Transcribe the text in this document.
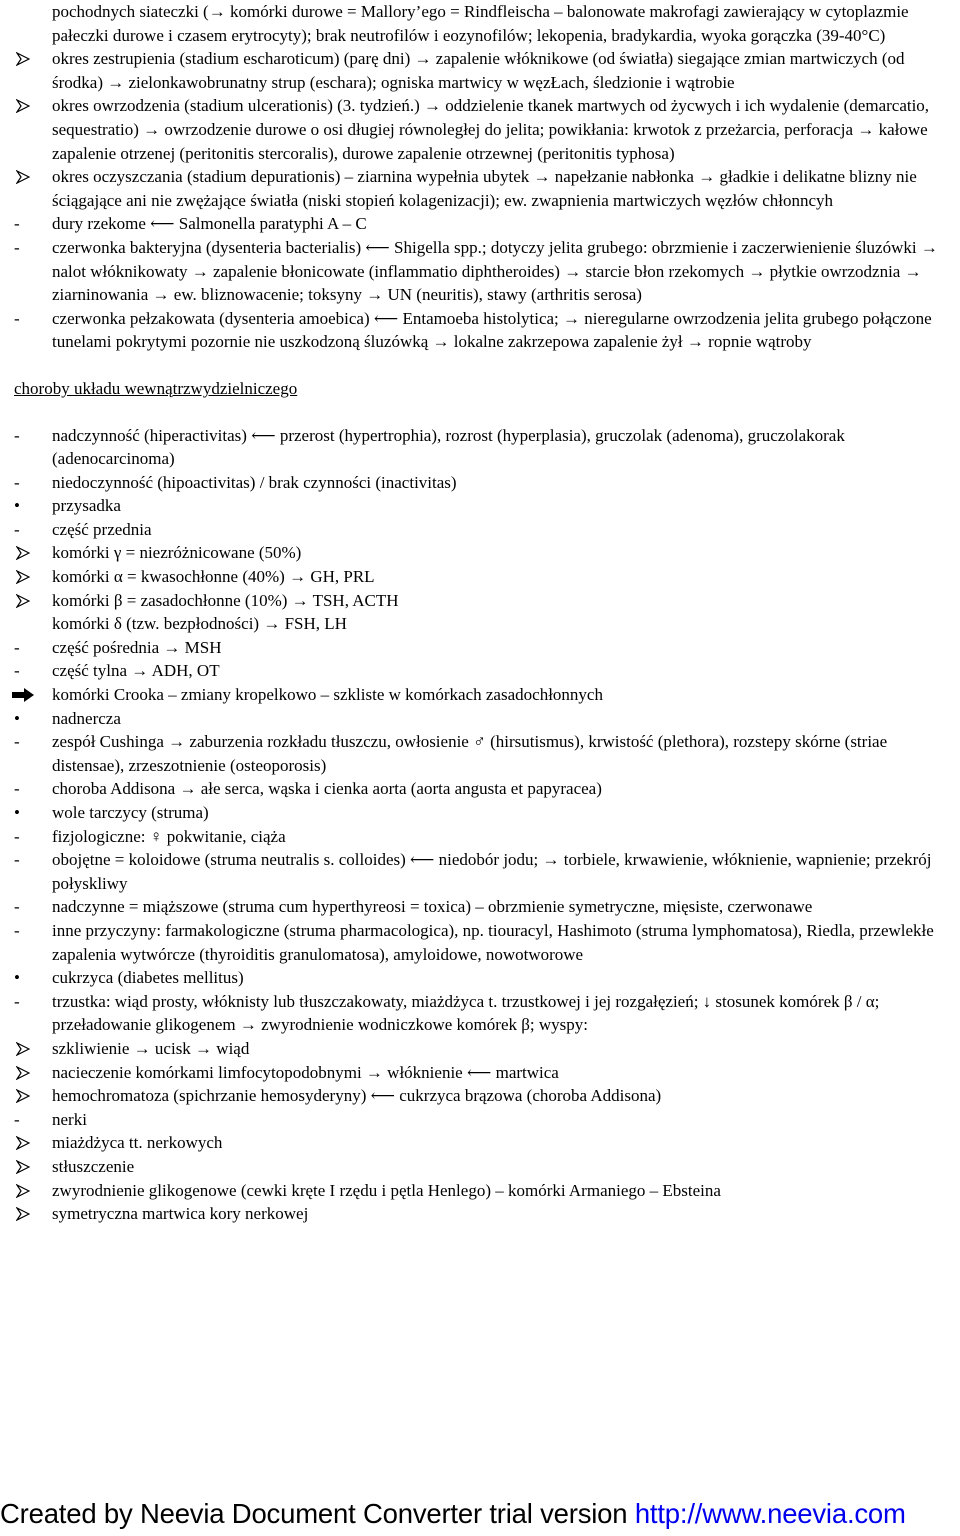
pochodnych siateczki (→ komórki durowe = Mallory’ego = Rindfleischa – balonowate makrofagi zawierający w cytoplazmie pałeczki durowe i czasem erytrocyty); brak neutrofilów i eozynofilów; lekopenia, bradykardia, wyoka gorączka (39-40°C)
okres zestrupienia (stadium escharoticum) (parę dni) → zapalenie włóknikowe (od światła) siegające zmian martwiczych (od środka) → zielonkawobrunatny strup (eschara); ogniska martwicy w węzŁach, śledzionie i wątrobie
okres owrzodzenia (stadium ulcerationis) (3. tydzień.) → oddzielenie tkanek martwych od życwych i ich wydalenie (demarcatio, sequestratio) → owrzodzenie durowe o osi długiej równoległej do jelita; powikłania: krwotok z przeżarcia, perforacja → kałowe zapalenie otrzenej (peritonitis stercoralis), durowe zapalenie otrzewnej (peritonitis typhosa)
okres oczyszczania (stadium depurationis) – ziarnina wypełnia ubytek → napełzanie nabłonka → gładkie i delikatne blizny nie ściągające ani nie zwężające światła (niski stopień kolagenizacji); ew. zwapnienia martwiczych węzłów chłonncyh
-	dury rzekome ⟵ Salmonella paratyphi A – C
-	czerwonka bakteryjna (dysenteria bacterialis) ⟵ Shigella spp.; dotyczy jelita grubego: obrzmienie i zaczerwienienie śluzówki → nalot włóknikowaty → zapalenie błonicowate (inflammatio diphtheroides) → starcie błon rzekomych → płytkie owrzodznia → ziarninowania → ew. bliznowacenie; toksyny → UN (neuritis), stawy (arthritis serosa)
-	czerwonka pełzakowata (dysenteria amoebica) ⟵ Entamoeba histolytica; → nieregularne owrzodzenia jelita grubego połączone tunelami pokrytymi pozornie nie uszkodzoną śluzówką → lokalne zakrzepowa zapalenie żył → ropnie wątroby
choroby układu wewnątrzwydzielniczego
-	nadczynność (hiperactivitas) ⟵ przerost (hypertrophia), rozrost (hyperplasia), gruczolak (adenoma), gruczolakorak (adenocarcinoma)
-	niedoczynność (hipoactivitas) / brak czynności (inactivitas)
•	przysadka
-	część przednia
komórki γ = niezróżnicowane (50%)
komórki α = kwasochłonne (40%) → GH, PRL
komórki β = zasadochłonne (10%) → TSH, ACTH
komórki δ (tzw. bezpłodności) → FSH, LH
-	część pośrednia → MSH
-	część tylna → ADH, OT
komórki Crooka – zmiany kropelkowo – szkliste w komórkach zasadochłonnych
•	nadnercza
-	zespół Cushinga → zaburzenia rozkładu tłuszczu, owłosienie ♂ (hirsutismus), krwistość (plethora), rozstepy skórne (striae distensae), zrzeszotnienie (osteoporosis)
-	choroba Addisona → ałe serca, wąska i cienka aorta (aorta angusta et papyracea)
•	wole tarczycy (struma)
-	fizjologiczne: ♀ pokwitanie, ciąża
-	obojętne = koloidowe (struma neutralis s. colloides) ⟵ niedobór jodu; → torbiele, krwawienie, włóknienie, wapnienie; przekrój połyskliwy
-	nadczynne = miąższowe (struma cum hyperthyreosi = toxica) – obrzmienie symetryczne, mięsiste, czerwonawe
-	inne przyczyny: farmakologiczne (struma pharmacologica), np. tiouracyl, Hashimoto (struma lymphomatosa), Riedla, przewlekłe zapalenia wytwórcze (thyroiditis granulomatosa), amyloidowe, nowotworowe
•	cukrzyca (diabetes mellitus)
-	trzustka: wiąd prosty, włóknisty lub tłuszczakowaty, miażdżyca t. trzustkowej i jej rozgałęzień; ↓ stosunek komórek β / α; przeładowanie glikogenem → zwyrodnienie wodniczkowe komórek β; wyspy:
szkliwienie → ucisk → wiąd
nacieczenie komórkami limfocytopodobnymi → włóknienie ⟵ martwica
hemochromatoza (spichrzanie hemosyderyny) ⟵ cukrzyca brązowa (choroba Addisona)
-	nerki
miażdżyca tt. nerkowych
stłuszczenie
zwyrodnienie glikogenowe (cewki kręte I rzędu i pętla Henlego) – komórki Armaniego – Ebsteina
symetryczna martwica kory nerkowej
Created by Neevia Document Converter trial version http://www.neevia.com
